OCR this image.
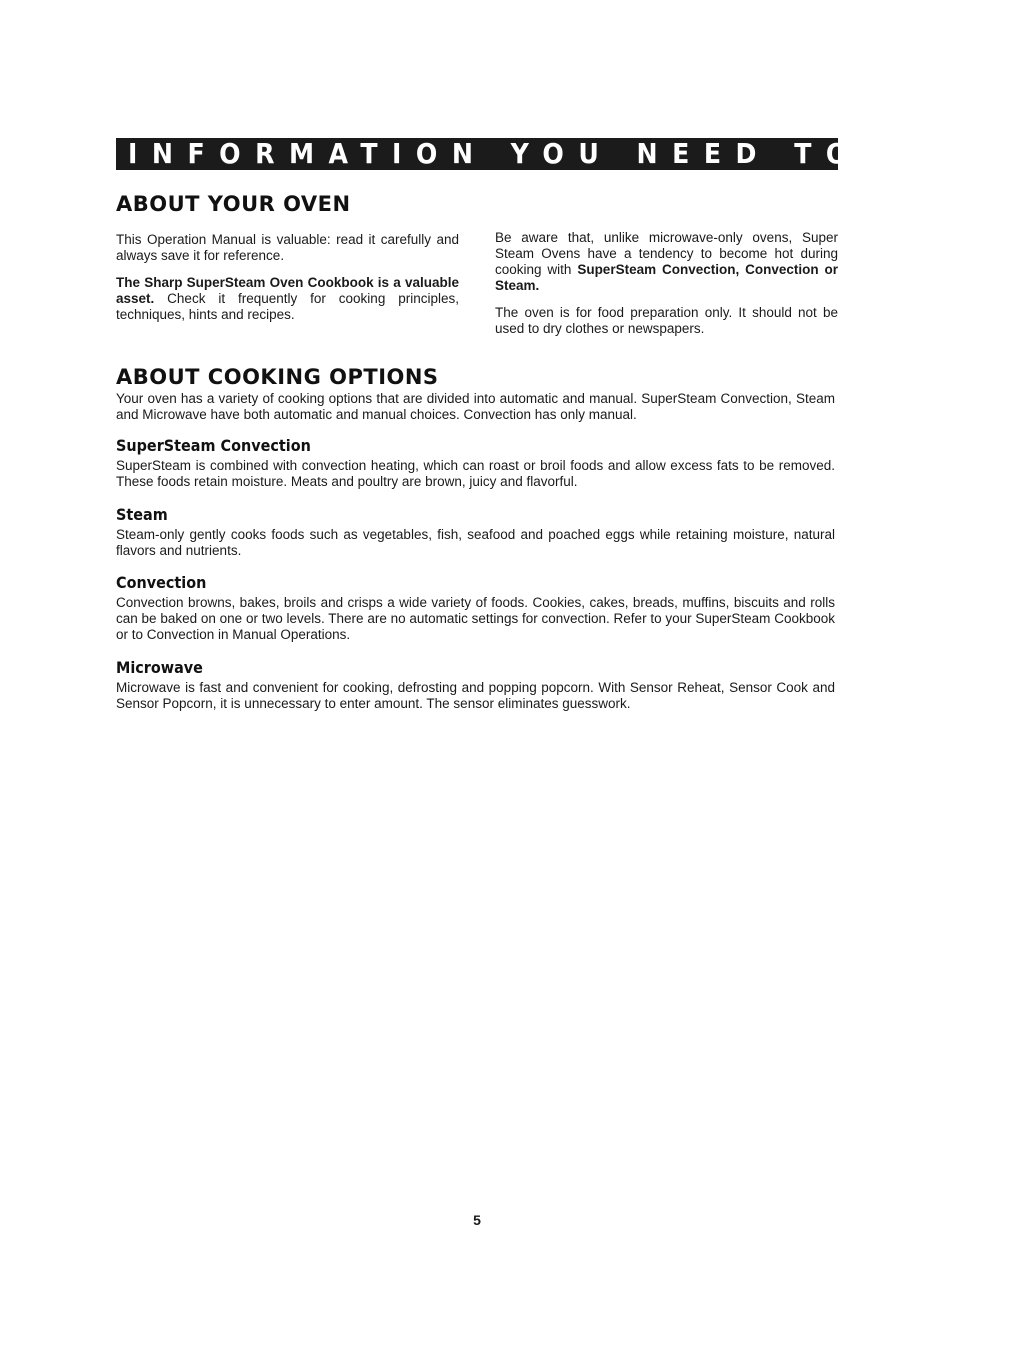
INFORMATION YOU NEED TO KNOW
ABOUT YOUR OVEN

This Operation Manual is valuable: read it carefully and always save it for reference.

The Sharp SuperSteam Oven Cookbook is a valuable asset. Check it frequently for cooking principles, techniques, hints and recipes.

Be aware that, unlike microwave-only ovens, Super Steam Ovens have a tendency to become hot during cooking with SuperSteam Convection, Convection or Steam.

The oven is for food preparation only. It should not be used to dry clothes or newspapers.

ABOUT COOKING OPTIONS

Your oven has a variety of cooking options that are divided into automatic and manual. SuperSteam Convection, Steam and Microwave have both automatic and manual choices. Convection has only manual.

SuperSteam Convection

SuperSteam is combined with convection heating, which can roast or broil foods and allow excess fats to be removed. These foods retain moisture. Meats and poultry are brown, juicy and flavorful.

Steam

Steam-only gently cooks foods such as vegetables, fish, seafood and poached eggs while retaining moisture, natural flavors and nutrients.

Convection

Convection browns, bakes, broils and crisps a wide variety of foods. Cookies, cakes, breads, muffins, biscuits and rolls can be baked on one or two levels. There are no automatic settings for convection. Refer to your SuperSteam Cookbook or to Convection in Manual Operations.

Microwave

Microwave is fast and convenient for cooking, defrosting and popping popcorn. With Sensor Reheat, Sensor Cook and Sensor Popcorn, it is unnecessary to enter amount. The sensor eliminates guesswork.

5
